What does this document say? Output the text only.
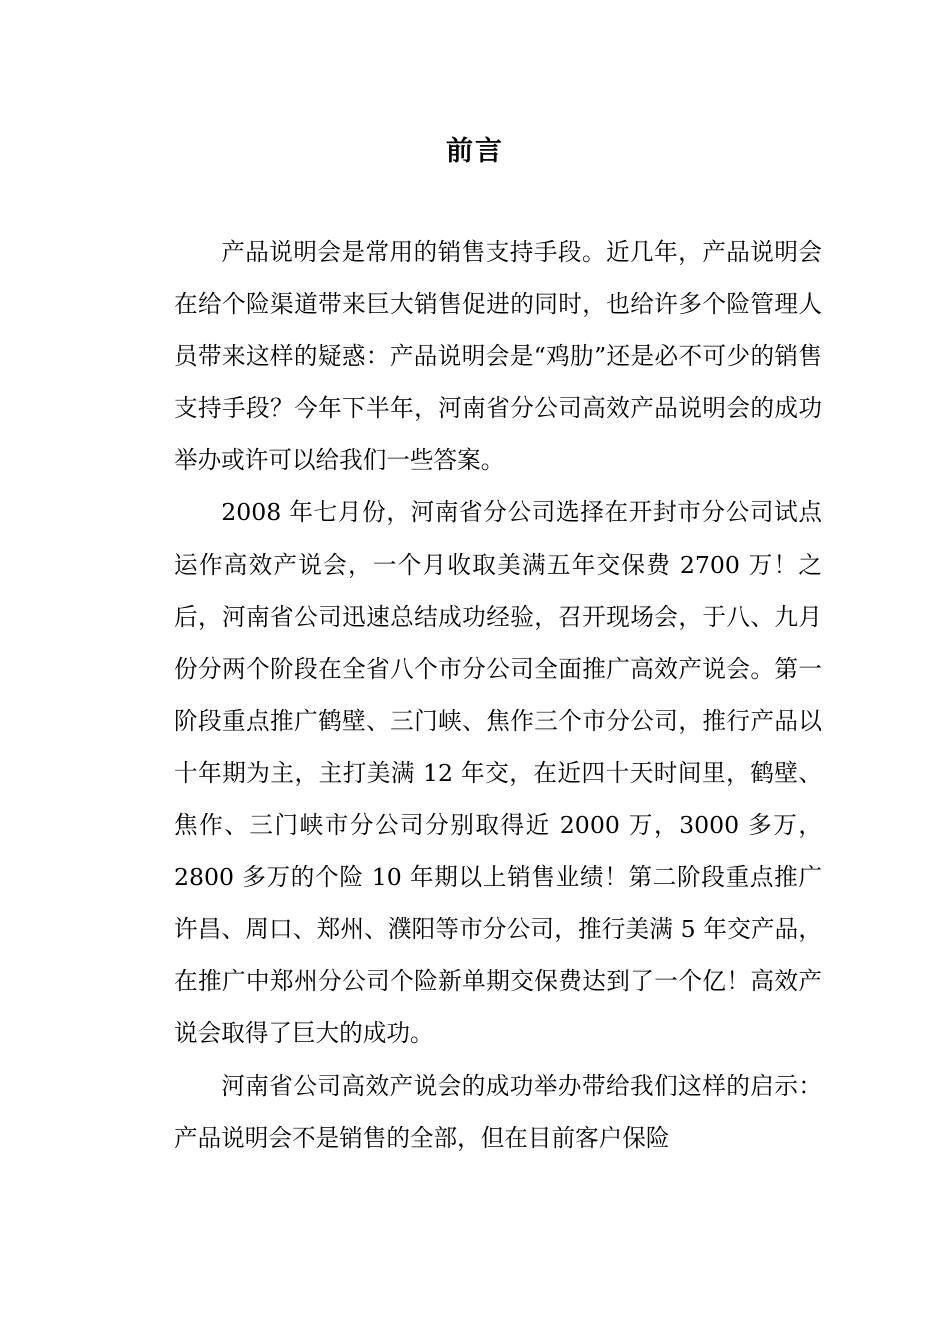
前言

产品说明会是常用的销售支持手段。近几年，产品说明会在给个险渠道带来巨大销售促进的同时，也给许多个险管理人员带来这样的疑惑：产品说明会是“鸡肋”还是必不可少的销售支持手段？今年下半年，河南省分公司高效产品说明会的成功举办或许可以给我们一些答案。

2008 年七月份，河南省分公司选择在开封市分公司试点运作高效产说会，一个月收取美满五年交保费 2700 万！之后，河南省公司迅速总结成功经验，召开现场会，于八、九月份分两个阶段在全省八个市分公司全面推广高效产说会。第一阶段重点推广鹤壁、三门峡、焦作三个市分公司，推行产品以十年期为主，主打美满 12 年交，在近四十天时间里，鹤壁、焦作、三门峡市分公司分别取得近 2000 万，3000 多万，2800 多万的个险 10 年期以上销售业绩！第二阶段重点推广许昌、周口、郑州、濮阳等市分公司，推行美满 5 年交产品，在推广中郑州分公司个险新单期交保费达到了一个亿！高效产说会取得了巨大的成功。

河南省公司高效产说会的成功举办带给我们这样的启示：产品说明会不是销售的全部，但在目前客户保险
